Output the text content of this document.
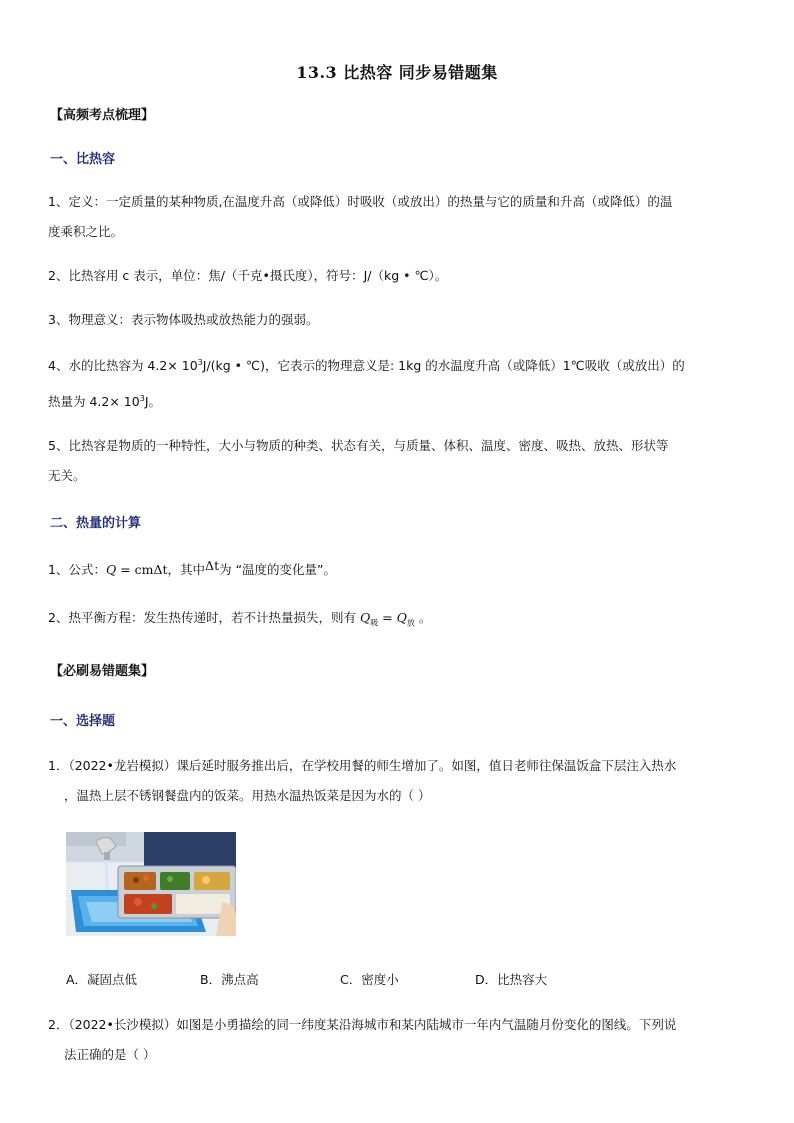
13.3 比热容 同步易错题集
【高频考点梳理】
一、比热容
1、定义：一定质量的某种物质,在温度升高（或降低）时吸收（或放出）的热量与它的质量和升高（或降低）的温
度乘积之比。
2、比热容用 c 表示，单位：焦/（千克•摄氏度），符号：J/（kg • ℃）。
3、物理意义：表示物体吸热或放热能力的强弱。
4、水的比热容为 $4.2\times 10^3J/(kg$ • ℃)，它表示的物理意义是: 1kg 的水温度升高（或降低）1℃吸收（或放出）的
热量为 $4.2\times 10^3J$。
5、比热容是物质的一种特性，大小与物质的种类、状态有关，与质量、体积、温度、密度、吸热、放热、形状等
无关。
二、热量的计算
1、公式：Q = cmΔt，其中Δt为 “温度的变化量”。
2、热平衡方程：发生热传递时，若不计热量损失，则有 $Q_吸 = Q_放$ 。
【必刷易错题集】
一、选择题
1．（2022•龙岩模拟）课后延时服务推出后，在学校用餐的师生增加了。如图，值日老师往保温饭盒下层注入热水
，温热上层不锈钢餐盘内的饭菜。用热水温热饭菜是因为水的（ ）
A．凝固点低	B．沸点高	C．密度小	D．比热容大
2．（2022•长沙模拟）如图是小勇描绘的同一纬度某沿海城市和某内陆城市一年内气温随月份变化的图线。下列说
法正确的是（ ）
